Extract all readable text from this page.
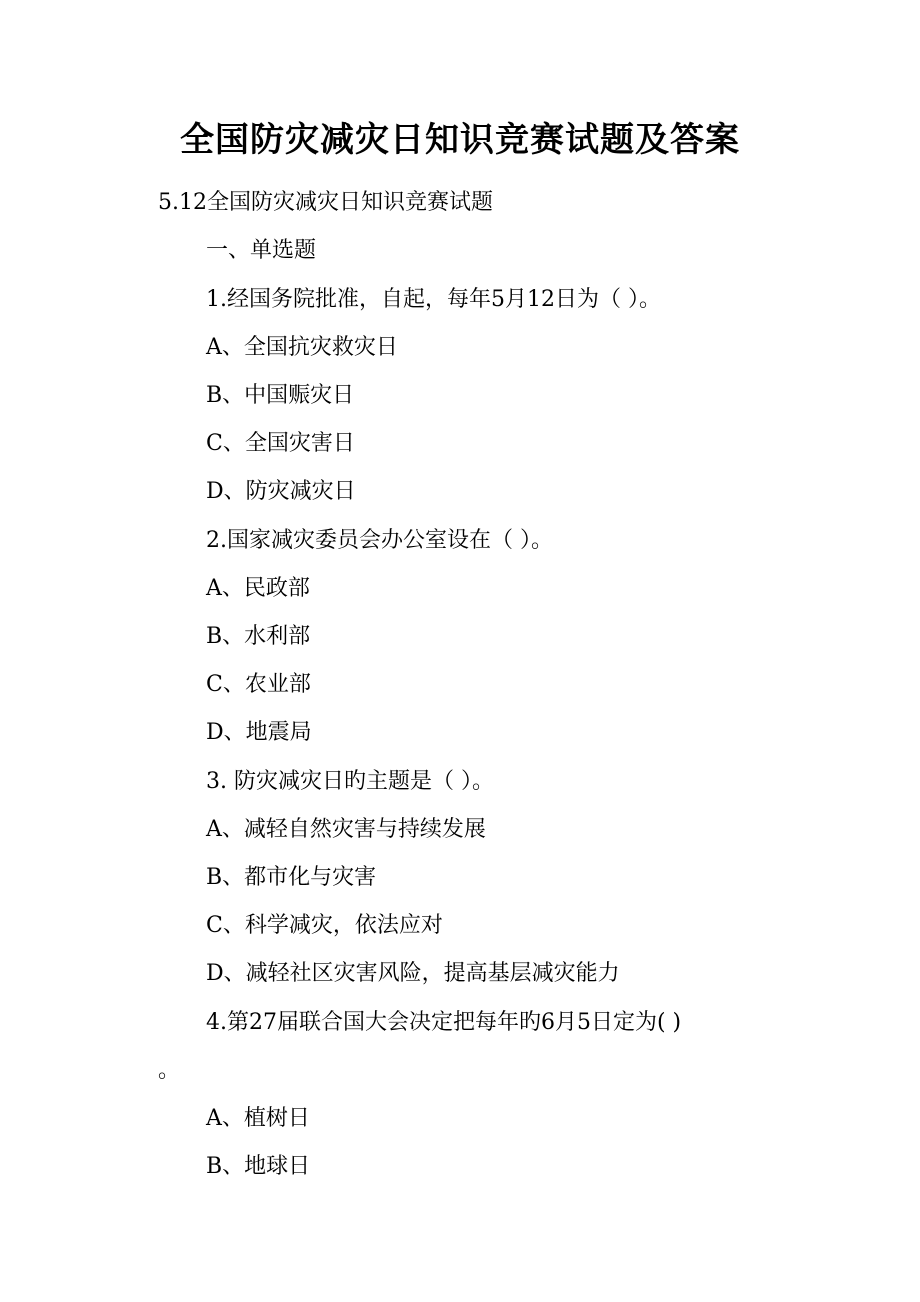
全国防灾减灾日知识竞赛试题及答案
5.12全国防灾减灾日知识竞赛试题
一、单选题
1.经国务院批准，自起，每年5月12日为（ ）。
A、全国抗灾救灾日
B、中国赈灾日
C、全国灾害日
D、防灾减灾日
2.国家减灾委员会办公室设在（ ）。
A、民政部
B、水利部
C、农业部
D、地震局
3. 防灾减灾日旳主题是（ ）。
A、减轻自然灾害与持续发展
B、都市化与灾害
C、科学减灾，依法应对
D、减轻社区灾害风险，提高基层减灾能力
4.第27届联合国大会决定把每年旳6月5日定为( )
。
A、植树日
B、地球日
